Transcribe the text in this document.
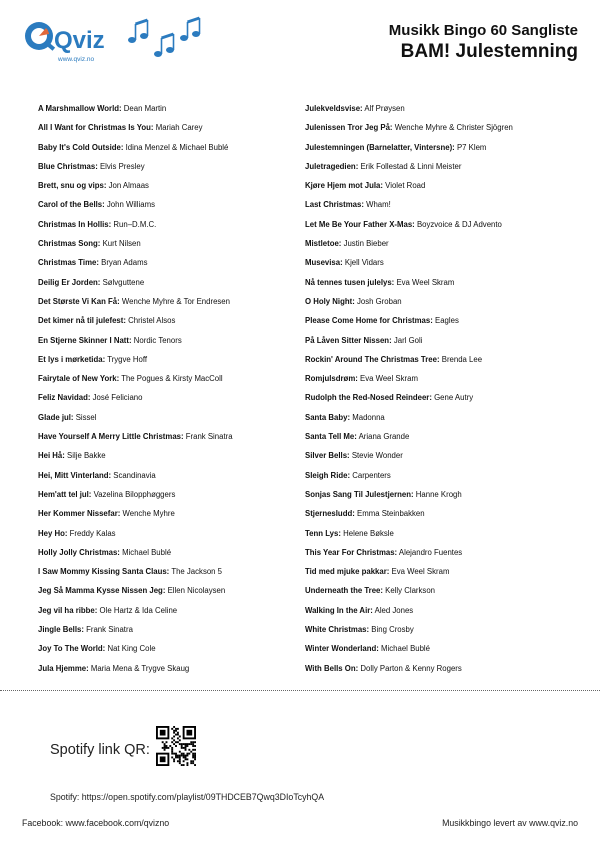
Qviz
www.qviz.no
Musikk Bingo 60 Sangliste
BAM! Julestemning
A Marshmallow World: Dean Martin
All I Want for Christmas Is You: Mariah Carey
Baby It's Cold Outside: Idina Menzel & Michael Bublé
Blue Christmas: Elvis Presley
Brett, snu og vips: Jon Almaas
Carol of the Bells: John Williams
Christmas In Hollis: Run–D.M.C.
Christmas Song: Kurt Nilsen
Christmas Time: Bryan Adams
Deilig Er Jorden: Sølvguttene
Det Største Vi Kan Få: Wenche Myhre & Tor Endresen
Det kimer nå til julefest: Christel Alsos
En Stjerne Skinner I Natt: Nordic Tenors
Et lys i mørketida: Trygve Hoff
Fairytale of New York: The Pogues & Kirsty MacColl
Feliz Navidad: José Feliciano
Glade jul: Sissel
Have Yourself A Merry Little Christmas: Frank Sinatra
Hei Hå: Silje Bakke
Hei, Mitt Vinterland: Scandinavia
Hem'att tel jul: Vazelina Bilopphøggers
Her Kommer Nissefar: Wenche Myhre
Hey Ho: Freddy Kalas
Holly Jolly Christmas: Michael Bublé
I Saw Mommy Kissing Santa Claus: The Jackson 5
Jeg Så Mamma Kysse Nissen Jeg: Ellen Nicolaysen
Jeg vil ha ribbe: Ole Hartz & Ida Celine
Jingle Bells: Frank Sinatra
Joy To The World: Nat King Cole
Jula Hjemme: Maria Mena & Trygve Skaug
Julekveldsvise: Alf Prøysen
Julenissen Tror Jeg På: Wenche Myhre & Christer Sjögren
Julestemningen (Barnelatter, Vintersne): P7 Klem
Juletragedien: Erik Follestad & Linni Meister
Kjøre Hjem mot Jula: Violet Road
Last Christmas: Wham!
Let Me Be Your Father X-Mas: Boyzvoice & DJ Advento
Mistletoe: Justin Bieber
Musevisa: Kjell Vidars
Nå tennes tusen julelys: Eva Weel Skram
O Holy Night: Josh Groban
Please Come Home for Christmas: Eagles
På Låven Sitter Nissen: Jarl Goli
Rockin' Around The Christmas Tree: Brenda Lee
Romjulsdrøm: Eva Weel Skram
Rudolph the Red-Nosed Reindeer: Gene Autry
Santa Baby: Madonna
Santa Tell Me: Ariana Grande
Silver Bells: Stevie Wonder
Sleigh Ride: Carpenters
Sonjas Sang Til Julestjernen: Hanne Krogh
Stjernesludd: Emma Steinbakken
Tenn Lys: Helene Bøksle
This Year For Christmas: Alejandro Fuentes
Tid med mjuke pakkar: Eva Weel Skram
Underneath the Tree: Kelly Clarkson
Walking In the Air: Aled Jones
White Christmas: Bing Crosby
Winter Wonderland: Michael Bublé
With Bells On: Dolly Parton & Kenny Rogers
Spotify link QR:
Spotify: https://open.spotify.com/playlist/09THDCEB7Qwq3DIoTcyhQA
Facebook: www.facebook.com/qvizno	Musikkbingo levert av www.qviz.no
